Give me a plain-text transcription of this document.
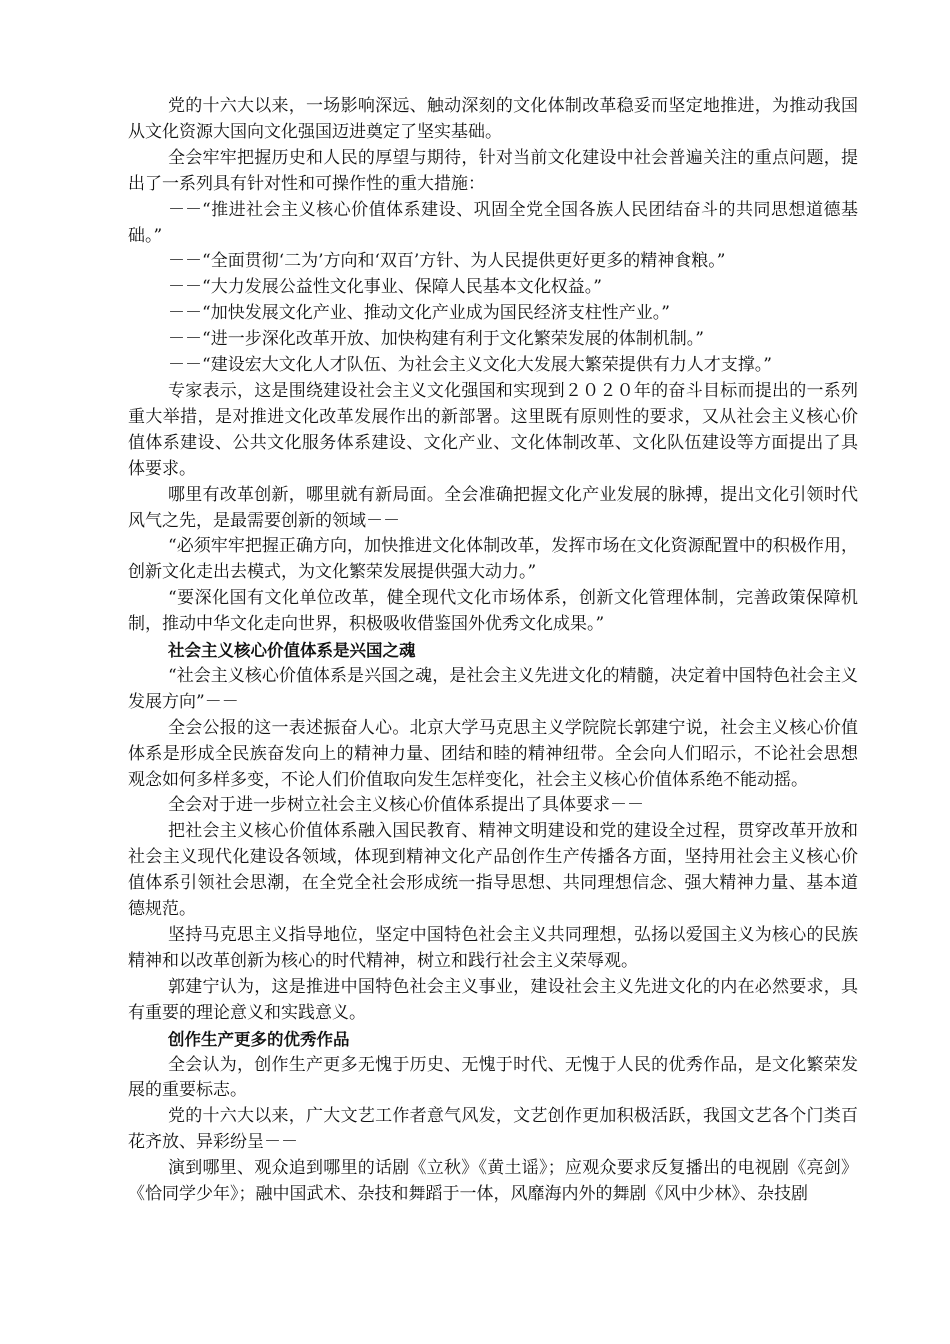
党的十六大以来，一场影响深远、触动深刻的文化体制改革稳妥而坚定地推进，为推动我国从文化资源大国向文化强国迈进奠定了坚实基础。

全会牢牢把握历史和人民的厚望与期待，针对当前文化建设中社会普遍关注的重点问题，提出了一系列具有针对性和可操作性的重大措施：

－－“推进社会主义核心价值体系建设、巩固全党全国各族人民团结奋斗的共同思想道德基础。”

－－“全面贯彻‘二为’方向和‘双百’方针、为人民提供更好更多的精神食粮。”

－－“大力发展公益性文化事业、保障人民基本文化权益。”

－－“加快发展文化产业、推动文化产业成为国民经济支柱性产业。”

－－“进一步深化改革开放、加快构建有利于文化繁荣发展的体制机制。”

－－“建设宏大文化人才队伍、为社会主义文化大发展大繁荣提供有力人才支撑。”

专家表示，这是围绕建设社会主义文化强国和实现到２０２０年的奋斗目标而提出的一系列重大举措，是对推进文化改革发展作出的新部署。这里既有原则性的要求，又从社会主义核心价值体系建设、公共文化服务体系建设、文化产业、文化体制改革、文化队伍建设等方面提出了具体要求。

哪里有改革创新，哪里就有新局面。全会准确把握文化产业发展的脉搏，提出文化引领时代风气之先，是最需要创新的领域－－

“必须牢牢把握正确方向，加快推进文化体制改革，发挥市场在文化资源配置中的积极作用，创新文化走出去模式，为文化繁荣发展提供强大动力。”

“要深化国有文化单位改革，健全现代文化市场体系，创新文化管理体制，完善政策保障机制，推动中华文化走向世界，积极吸收借鉴国外优秀文化成果。”

社会主义核心价值体系是兴国之魂

“社会主义核心价值体系是兴国之魂，是社会主义先进文化的精髓，决定着中国特色社会主义发展方向”－－

全会公报的这一表述振奋人心。北京大学马克思主义学院院长郭建宁说，社会主义核心价值体系是形成全民族奋发向上的精神力量、团结和睦的精神纽带。全会向人们昭示，不论社会思想观念如何多样多变，不论人们价值取向发生怎样变化，社会主义核心价值体系绝不能动摇。

全会对于进一步树立社会主义核心价值体系提出了具体要求－－

把社会主义核心价值体系融入国民教育、精神文明建设和党的建设全过程，贯穿改革开放和社会主义现代化建设各领域，体现到精神文化产品创作生产传播各方面，坚持用社会主义核心价值体系引领社会思潮，在全党全社会形成统一指导思想、共同理想信念、强大精神力量、基本道德规范。

坚持马克思主义指导地位，坚定中国特色社会主义共同理想，弘扬以爱国主义为核心的民族精神和以改革创新为核心的时代精神，树立和践行社会主义荣辱观。

郭建宁认为，这是推进中国特色社会主义事业，建设社会主义先进文化的内在必然要求，具有重要的理论意义和实践意义。

创作生产更多的优秀作品

全会认为，创作生产更多无愧于历史、无愧于时代、无愧于人民的优秀作品，是文化繁荣发展的重要标志。

党的十六大以来，广大文艺工作者意气风发，文艺创作更加积极活跃，我国文艺各个门类百花齐放、异彩纷呈－－

演到哪里、观众追到哪里的话剧《立秋》《黄土谣》；应观众要求反复播出的电视剧《亮剑》《恰同学少年》；融中国武术、杂技和舞蹈于一体，风靡海内外的舞剧《风中少林》、杂技剧
